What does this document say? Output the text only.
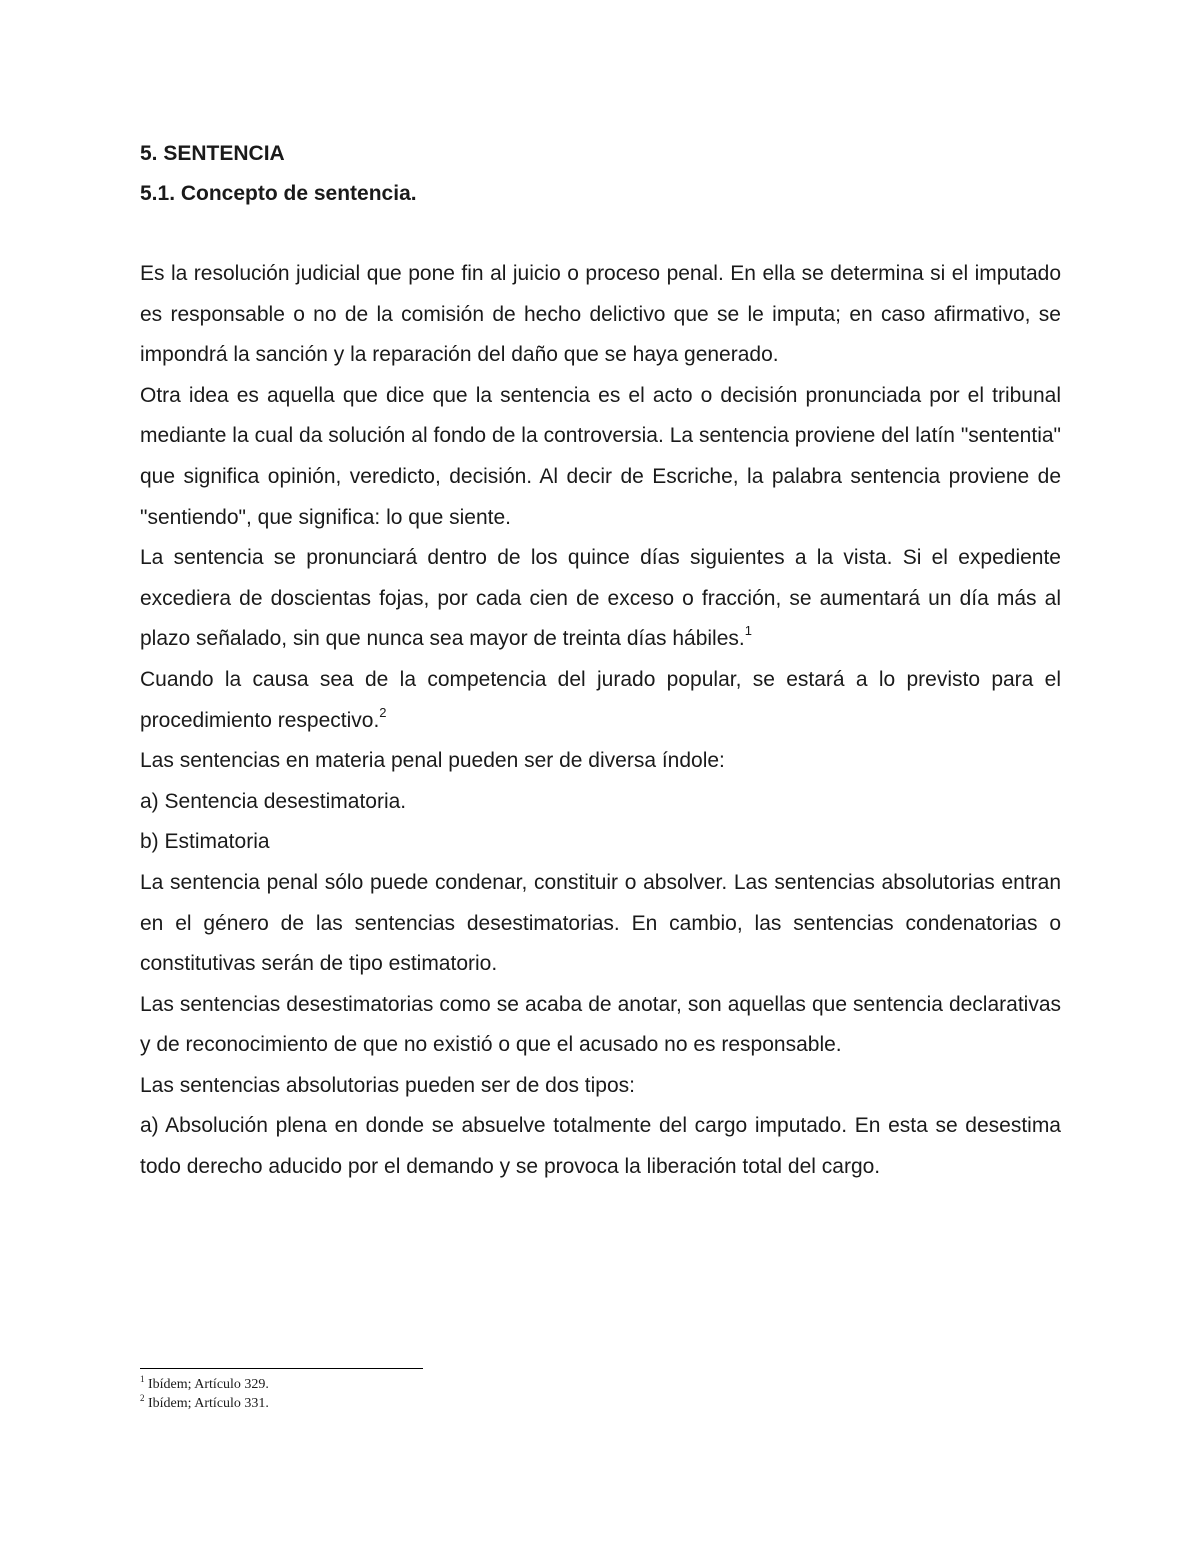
5. SENTENCIA
5.1. Concepto de sentencia.

Es la resolución judicial que pone fin al juicio o proceso penal. En ella se determina si el imputado es responsable o no de la comisión de hecho delictivo que se le imputa; en caso afirmativo, se impondrá la sanción y la reparación del daño que se haya generado.

Otra idea es aquella que dice que la sentencia es el acto o decisión pronunciada por el tribunal mediante la cual da solución al fondo de la controversia. La sentencia proviene del latín "sententia" que significa opinión, veredicto, decisión. Al decir de Escriche, la palabra sentencia proviene de "sentiendo", que significa: lo que siente.

La sentencia se pronunciará dentro de los quince días siguientes a la vista. Si el expediente excediera de doscientas fojas, por cada cien de exceso o fracción, se aumentará un día más al plazo señalado, sin que nunca sea mayor de treinta días hábiles.$^1$

Cuando la causa sea de la competencia del jurado popular, se estará a lo previsto para el procedimiento respectivo.$^2$

Las sentencias en materia penal pueden ser de diversa índole:

a) Sentencia desestimatoria.

b) Estimatoria

La sentencia penal sólo puede condenar, constituir o absolver. Las sentencias absolutorias entran en el género de las sentencias desestimatorias. En cambio, las sentencias condenatorias o constitutivas serán de tipo estimatorio.

Las sentencias desestimatorias como se acaba de anotar, son aquellas que sentencia declarativas y de reconocimiento de que no existió o que el acusado no es responsable.

Las sentencias absolutorias pueden ser de dos tipos:

a) Absolución plena en donde se absuelve totalmente del cargo imputado. En esta se desestima todo derecho aducido por el demando y se provoca la liberación total del cargo.

$^1$ Ibídem; Artículo 329.

$^2$ Ibídem; Artículo 331.
